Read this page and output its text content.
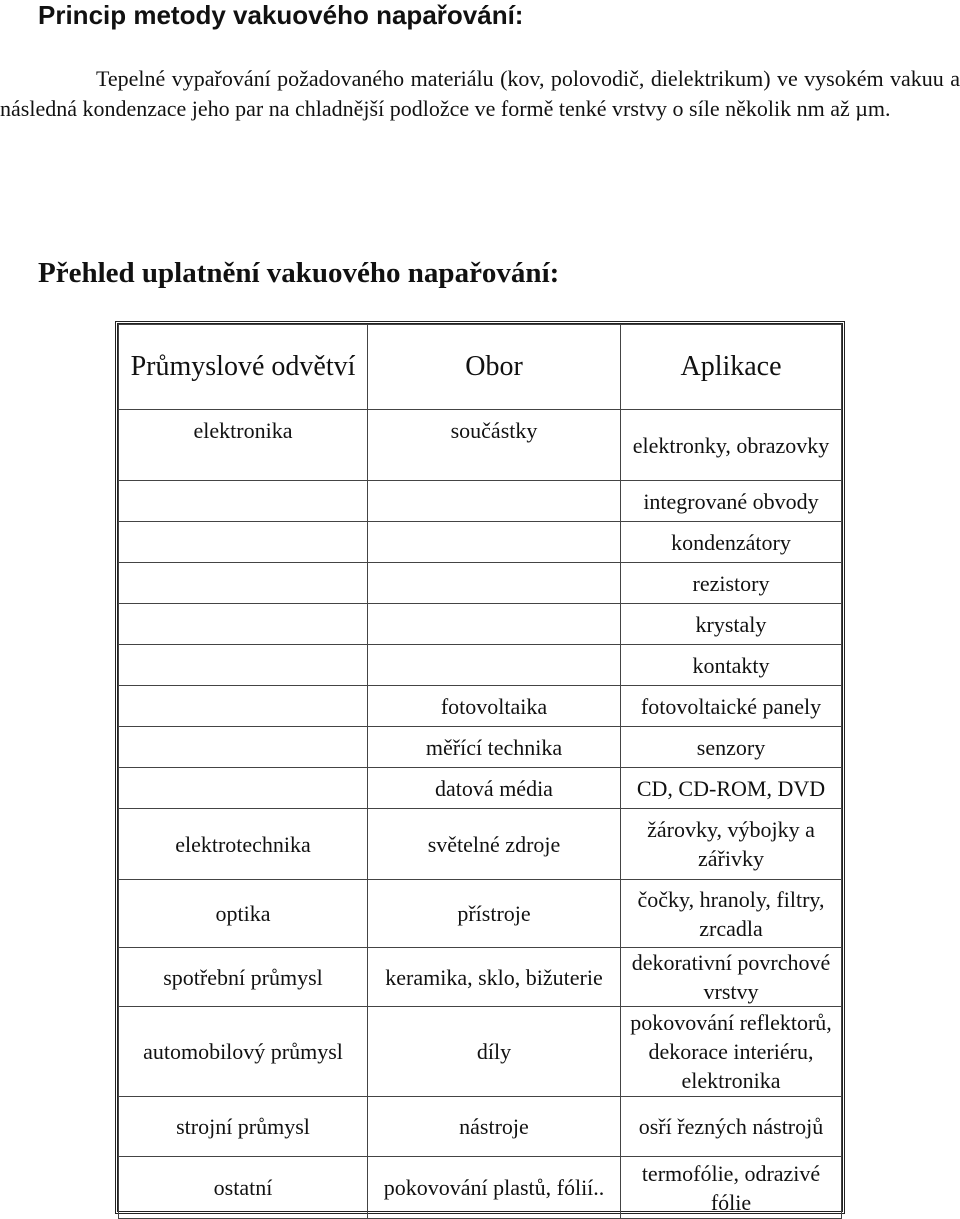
Princip metody vakuového napařování:

Tepelné vypařování požadovaného materiálu (kov, polovodič, dielektrikum) ve vysokém vakuu a následná kondenzace jeho par na chladnější podložce ve formě tenké vrstvy o síle několik nm až µm.

Přehled uplatnění vakuového napařování:
Průmyslové odvětví	Obor	Aplikace
elektronika	součástky	elektronky, obrazovky
		integrované obvody
		kondenzátory
		rezistory
		krystaly
		kontakty
	fotovoltaika	fotovoltaické panely
	měřící technika	senzory
	datová média	CD, CD-ROM, DVD
elektrotechnika	světelné zdroje	žárovky, výbojky a zářivky
optika	přístroje	čočky, hranoly, filtry, zrcadla
spotřební průmysl	keramika, sklo, bižuterie	dekorativní povrchové vrstvy
automobilový průmysl	díly	pokovování reflektorů, dekorace interiéru, elektronika
strojní průmysl	nástroje	osří řezných nástrojů
ostatní	pokovování plastů, fólií..	termofólie, odrazivé fólie
